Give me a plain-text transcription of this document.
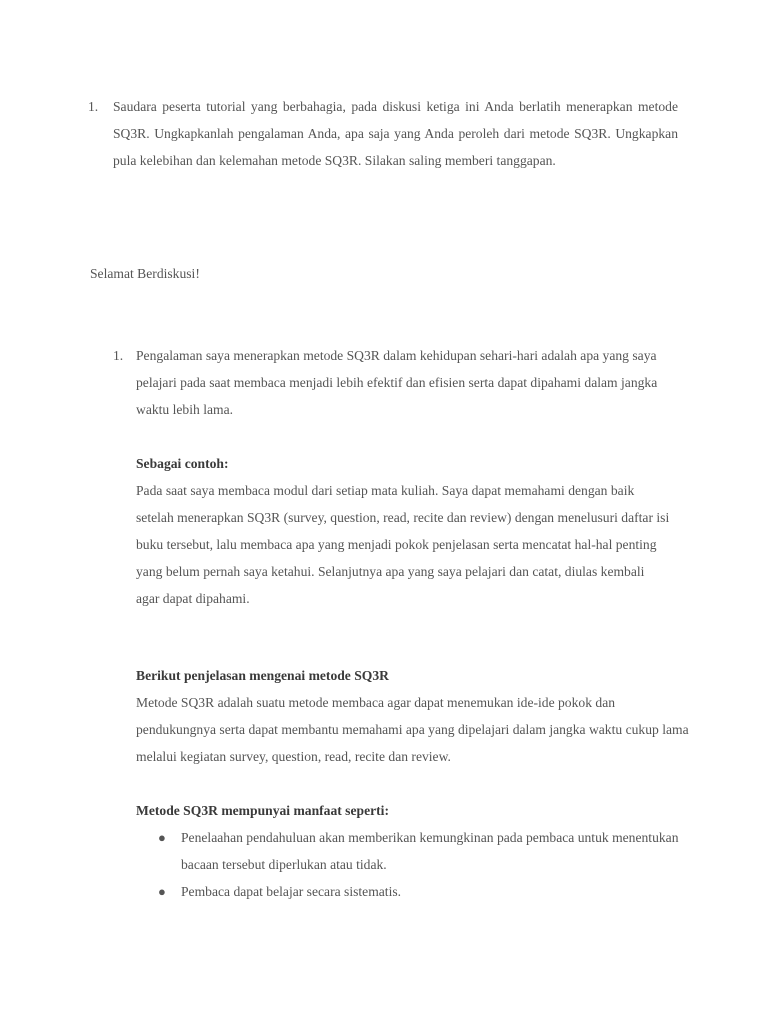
1. Saudara peserta tutorial yang berbahagia, pada diskusi ketiga ini Anda berlatih menerapkan metode SQ3R. Ungkapkanlah pengalaman Anda, apa saja yang Anda peroleh dari metode SQ3R. Ungkapkan pula kelebihan dan kelemahan metode SQ3R. Silakan saling memberi tanggapan.

Selamat Berdiskusi!

1. Pengalaman saya menerapkan metode SQ3R dalam kehidupan sehari-hari adalah apa yang saya pelajari pada saat membaca menjadi lebih efektif dan efisien serta dapat dipahami dalam jangka waktu lebih lama.

Sebagai contoh:

Pada saat saya membaca modul dari setiap mata kuliah. Saya dapat memahami dengan baik setelah menerapkan SQ3R (survey, question, read, recite dan review) dengan menelusuri daftar isi buku tersebut, lalu membaca apa yang menjadi pokok penjelasan serta mencatat hal-hal penting yang belum pernah saya ketahui. Selanjutnya apa yang saya pelajari dan catat, diulas kembali agar dapat dipahami.

Berikut penjelasan mengenai metode SQ3R

Metode SQ3R adalah suatu metode membaca agar dapat menemukan ide-ide pokok dan pendukungnya serta dapat membantu memahami apa yang dipelajari dalam jangka waktu cukup lama melalui kegiatan survey, question, read, recite dan review.

Metode SQ3R mempunyai manfaat seperti:

● Penelaahan pendahuluan akan memberikan kemungkinan pada pembaca untuk menentukan bacaan tersebut diperlukan atau tidak.

● Pembaca dapat belajar secara sistematis.
